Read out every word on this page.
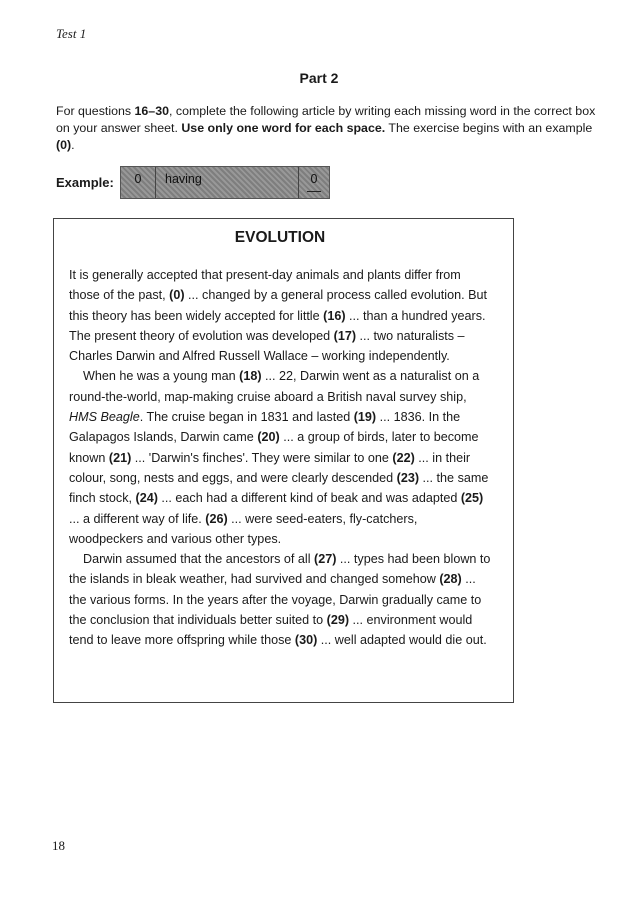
Test 1
Part 2
For questions 16–30, complete the following article by writing each missing word in the correct box on your answer sheet. Use only one word for each space. The exercise begins with an example (0).
Example:	0	having	0
EVOLUTION

It is generally accepted that present-day animals and plants differ from those of the past, (0) ... changed by a general process called evolution. But this theory has been widely accepted for little (16) ... than a hundred years. The present theory of evolution was developed (17) ... two naturalists – Charles Darwin and Alfred Russell Wallace – working independently.

When he was a young man (18) ... 22, Darwin went as a naturalist on a round-the-world, map-making cruise aboard a British naval survey ship, HMS Beagle. The cruise began in 1831 and lasted (19) ... 1836. In the Galapagos Islands, Darwin came (20) ... a group of birds, later to become known (21) ... 'Darwin's finches'. They were similar to one (22) ... in their colour, song, nests and eggs, and were clearly descended (23) ... the same finch stock, (24) ... each had a different kind of beak and was adapted (25) ... a different way of life. (26) ... were seed-eaters, fly-catchers, woodpeckers and various other types.

Darwin assumed that the ancestors of all (27) ... types had been blown to the islands in bleak weather, had survived and changed somehow (28) ... the various forms. In the years after the voyage, Darwin gradually came to the conclusion that individuals better suited to (29) ... environment would tend to leave more offspring while those (30) ... well adapted would die out.

18
